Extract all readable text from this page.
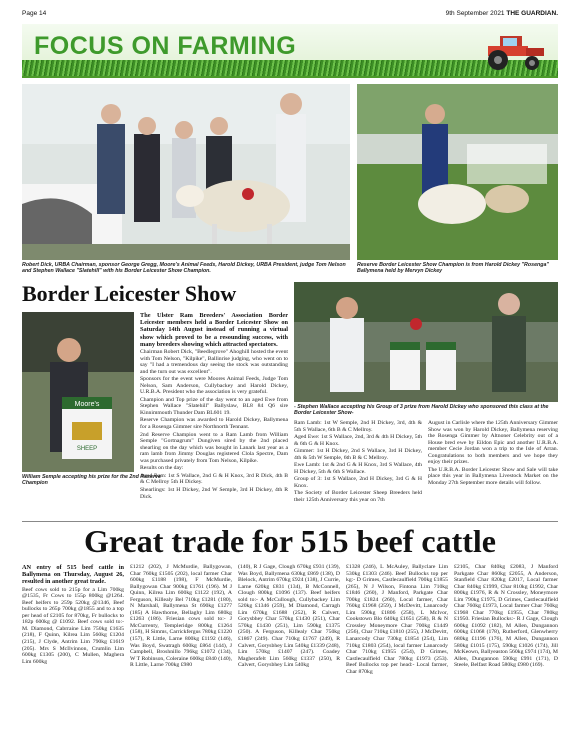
Page 14	9th September 2021 THE GUARDIAN.
FOCUS ON FARMING
Robert Dick, URBA Chairman, sponsor George Gregg, Moore's Animal Feeds, Harold Dickey, URBA President, judge Tom Nelson and Stephen Wallace "Slatehill" with his Border Leicester Show Champion.
Reserve Border Leicester Show Champion is from Harold Dickey "Rosenga" Ballymena held by Mervyn Dickey
Border Leicester Show
Moore's
SHEEP
William Semple accepting his prize for the 2nd Reserve Champion

The Ulster Ram Breeders' Association Border Leicester members held a Border Leicester Show on Saturday 14th August instead of running a virtual show which proved to be a resounding success, with many breeders showing which attracted spectators.

Chairman Robert Dick, "Beedlegrove" Ahoghill hosted the event with Tom Nelson, "Kilpike", Ballinrise judging, who went on to say "I had a tremendous day seeing the stock was outstanding and the turn out was excellent".

Sponsors for the event were Moores Animal Feeds, Judge Tom Nelson, Sam Anderson, Cullybackey and Harold Dickey, U.R.B.A. President who the association is very grateful.

Champion and Top prize of the day went to an aged Ewe from Stephen Wallace "Slatehill" Ballyslaw, BL8 84 Q6 sire Kinnimmouth Thunder Dam BL601 19.

Reserve Champion was awarded to Harold Dickey, Ballymena for a Rosenga Gimmer sire Northnorth Tennant.

2nd Reserve Champion went to a Ram Lamb from William Semple "Gortnagrum" Dungiven sired by the 2nd placed shearling on the day which was bought in Lanark last year as a ram lamb from Jimmy Douglas registered Clola Spectre, Dam was purchased privately from Tom Nelson, Kilpike.

Results on the day:

Aged Ram: 1st S Wallace, 2nd G & H Knox, 3rd R Dick, 4th B & C Mellroy 5th H Dickey.

Shearlings: 1st H Dickey, 2nd W Semple, 3rd H Dickey, 4th R Dick.

- Stephen Wallace accepting his Group of 3 prize from Harold Dickey who sponsored this class at the Border Leicester Show-

Ram Lamb: 1st W Semple, 2nd H Dickey, 3rd, 4th & 5th S Wallace, 6th B & C Mellroy.

Aged Ewe: 1st S Wallace, 2nd, 3rd & 4th H Dickey, 5th & 6th G & H Knox.

Gimmer: 1st H Dickey, 2nd S Wallace, 3rd H Dickey, 4th & 5th W Semple, 6th B & C Mellroy.

Ewe Lamb: 1st & 2nd G & H Knox, 3rd S Wallace, 4th H Dickey, 5th & 6th S Wallace.

Group of 3: 1st S Wallace, 2nd H Dickey, 3rd G & H Knox.

The Society of Border Leicester Sheep Breeders held their 125th Anniversary this year on 7th

August in Carlisle where the 125th Anniversary Gimmer Show was won by Harold Dickey, Ballymena reserving the Rosenga Gimmer by Altnoner Celebrity out of a House bred ewe by Eildon Epic and another U.R.B.A. member Cecie Jordan won a trip to the Isle of Arran. Congratulations to both members and we hope they enjoy their prizes.

The U.R.B.A. Border Leicester Show and Sale will take place this year in Ballymena Livestock Market on the Monday 27th September more details will follow.

Great trade for 515 beef cattle

AN entry of 515 beef cattle in Ballymena on Thursday, August 26, resulted in another great trade.

Beef cows sold to 215p for a Lim 700kg @1535, Fr Cows to 155p 800kg @1264. Beef heifers to 259p 520kg @1346, Beef bullocks to 265p 700kg @1855 and to a top per head of £2105 for 870kg, Fr bullocks to 182p 600kg @ £1092. Beef cows sold to:- M. Diamond, Cabrraine Lim 750kg £1635 (218), F Quinn, Kilrea Lim 560kg £1204 (215), J Clyde, Antrim Lim 790kg £1619 (205). Mrs S McIlvinnon, Crumlin Lim 600kg £1305 (200), C Mullen, Maghera Lim 600kg

£1212 (202), J McMurdie, Ballygowan, Char 760kg £1505 (202), local farmer Char 600kg £1188 (198), F McMurdie, Ballygowan Char 900kg £1761 (196). M J Quinn, Kilrea Lim 600kg £1122 (192), A Ferguson, Killealy Bel 710kg £1281 (180), N Marshall, Ballymena St 690kg £1277 (185) A Hawthorne, Bellaghy Lim 680kg £1263 (186). Friesian cows sold to:- J McCurrenty, Templeridge 800kg £1264 (158), H Simms, Carrickfergus 780kg £1220 (157), R Little, Larne 800kg £1192 (146), Was Boyd, Swatragh 600kg £864 (144), J Campbell, Broshnillo 796kg £1072 (134), W T Robinson, Coleraine 600kg £840 (140), R Little, Larne 700kg £980

(140), R J Gage, Clough 670kg £931 (139), Was Boyd, Ballymena 630kg £869 (138), D Blelock, Antrim 670kg £924 (138), J Currie, Larne 620kg £831 (134), B McConnell, Clough 800kg £1096 (137). Beef heifers sold to:- A McCullough, Cullybackey Lim 520kg £1346 (259), M Diamond, Carragh Lim 670kg £1688 (252), R Calvert, Gorysbhey Char 570kg £1430 (251), Char 570kg £1430 (251), Lim 590kg £1375 (250). A Ferguson, Killealy Char 750kg £1867 (249). Char 710kg £1767 (249), R Calvert, Gorysbhey Lim 540kg £1339 (248), Lim 570kg £1407 (247). Coadey Magherafelt Lim 560kg £1337 (250), R Calvert, Gorysbhey Lim 540kg

£1328 (246), L McAuley, Ballyclare Lim 530kg £1303 (246). Beef Bullocks top per kg:- D Grimes, Castlecaulfield 700kg £1855 (265), N J Wilson, Fintona Lim 710kg £1846 (260), J Manford, Parkgate Char 700kg £1824 (260), Local farmer, Char 760kg £1968 (259), J McDevitt, Lanarcody Lim 590kg £1806 (258), L McIvor, Cookstown Blo 640kg £1651 (258), R & N Crossley Moneymore Char 700kg £1449 (256), Char 710kg £1810 (255), J McDevitt, Lanarcody Char 730kg £1854 (254), Lim 710kg £1803 (254), local farmer Lanarcody Char 710kg £1955 (254), D Grimes, Castlecaulfield Char 780kg £1973 (253). Beef Bullocks top per head:- Local farmer, Char 870kg

£2105, Char 840kg £2083, J Manford Parkgate Char 860kg £2055, A Anderson, Stanfield Char 820kg £2017, Local farmer Char 840kg £1999, Char 810kg £1992, Char 800kg £1976, R & N Crossley, Moneymore Lim 790kg £1975, D Grimes, Castlecaulfield Char 760kg £1973, Local farmer Char 760kg £1968 Char 770kg £1955, Char 780kg £1950. Friesian Bullocks:- R J Gage, Clough 600kg £1092 (182), M Allen, Dungannon 600kg £1068 (178), Rutherford, Glenwherry 680kg £1196 (176), M Allen, Dungannon 580kg £1015 (175), 590kg £1026 (174), Jill McKeown, Ballyeaston 560kg £974 (174), M Allen, Dungannon 590kg £991 (171), D Steele, Belfast Road 580kg £980 (169).
